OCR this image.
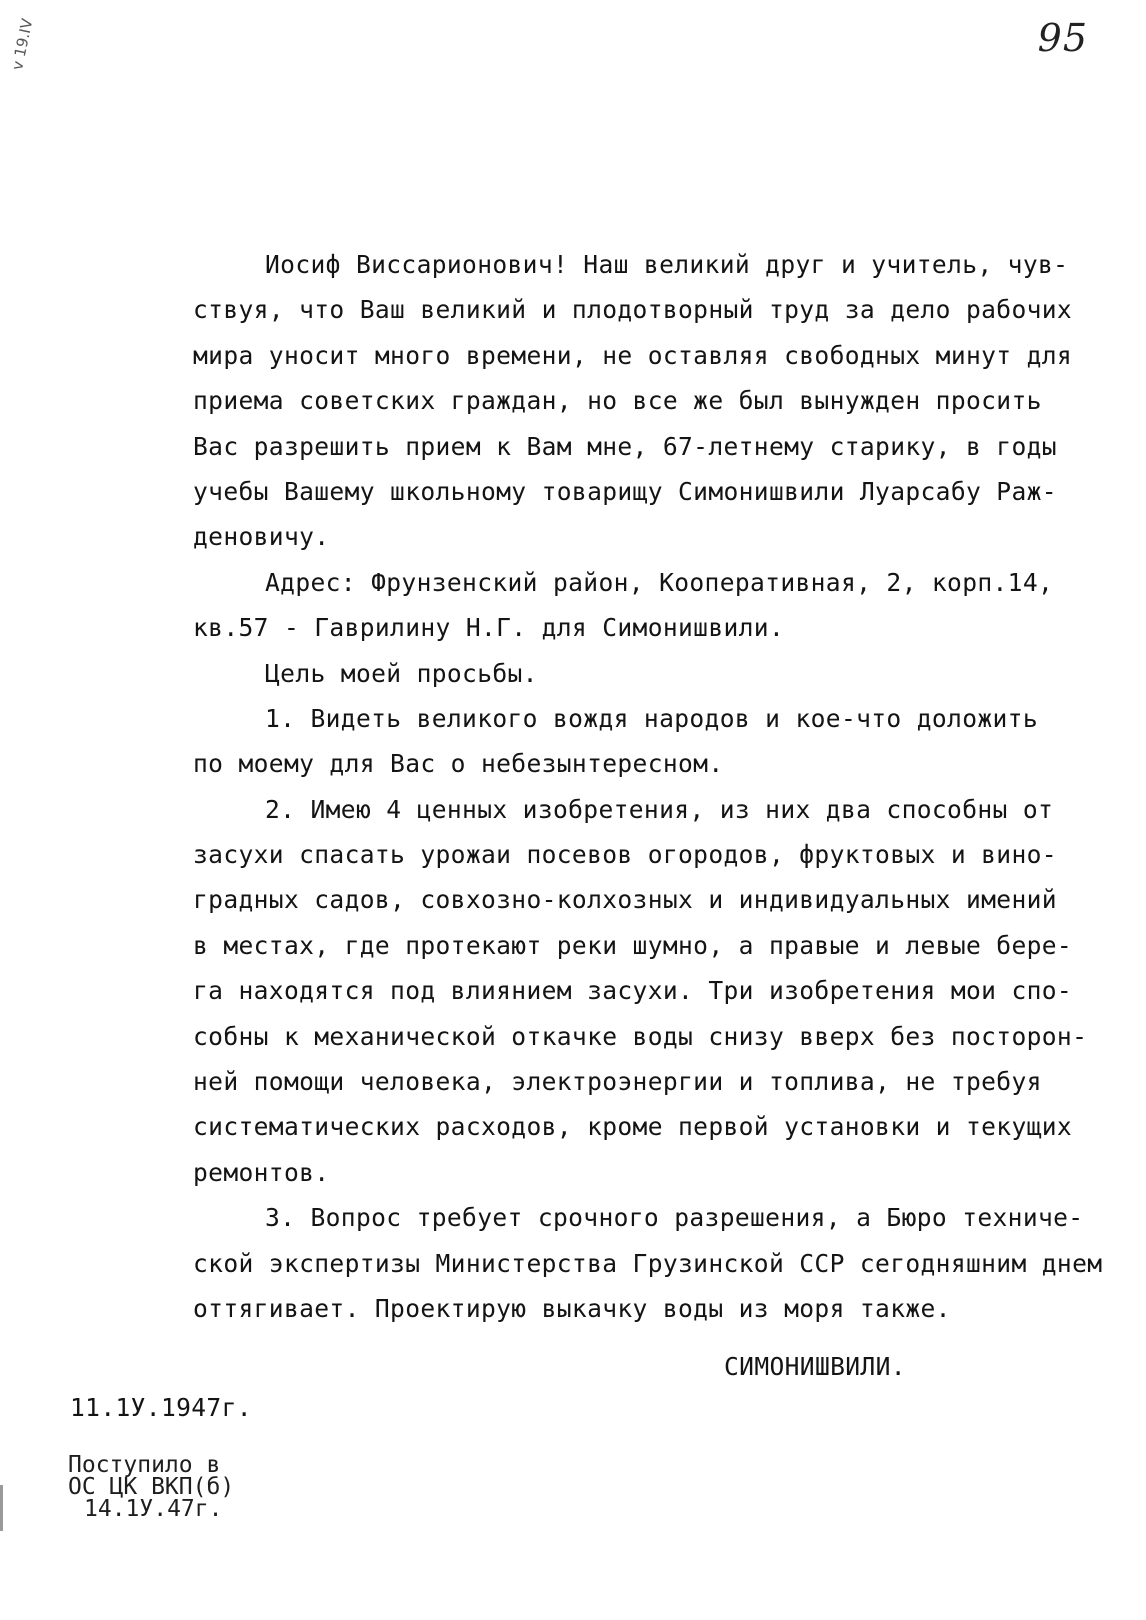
v 19.IV	95
Иосиф Виссарионович! Наш великий друг и учитель, чув-
ствуя, что Ваш великий и плодотворный труд за дело рабочих
мира уносит много времени, не оставляя свободных минут для
приема советских граждан, но все же был вынужден просить
Вас разрешить прием к Вам мне, 67-летнему старику, в годы
учебы Вашему школьному товарищу Симонишвили Луарсабу Раж-
деновичу.
Адрес: Фрунзенский район, Кооперативная, 2, корп.14,
кв.57 - Гаврилину Н.Г. для Симонишвили.
Цель моей просьбы.
1. Видеть великого вождя народов и кое-что доложить
по моему для Вас о небезынтересном.
2. Имею 4 ценных изобретения, из них два способны от
засухи спасать урожаи посевов огородов, фруктовых и вино-
градных садов, совхозно-колхозных и индивидуальных имений
в местах, где протекают реки шумно, а правые и левые бере-
га находятся под влиянием засухи. Три изобретения мои спо-
собны к механической откачке воды снизу вверх без посторон-
ней помощи человека, электроэнергии и топлива, не требуя
систематических расходов, кроме первой установки и текущих
ремонтов.
3. Вопрос требует срочного разрешения, а Бюро техниче-
ской экспертизы Министерства Грузинской ССР сегодняшним днем
оттягивает. Проектирую выкачку воды из моря также.
СИМОНИШВИЛИ.
11.1У.1947г.
Поступило в
ОС ЦК ВКП(б)
14.1У.47г.
